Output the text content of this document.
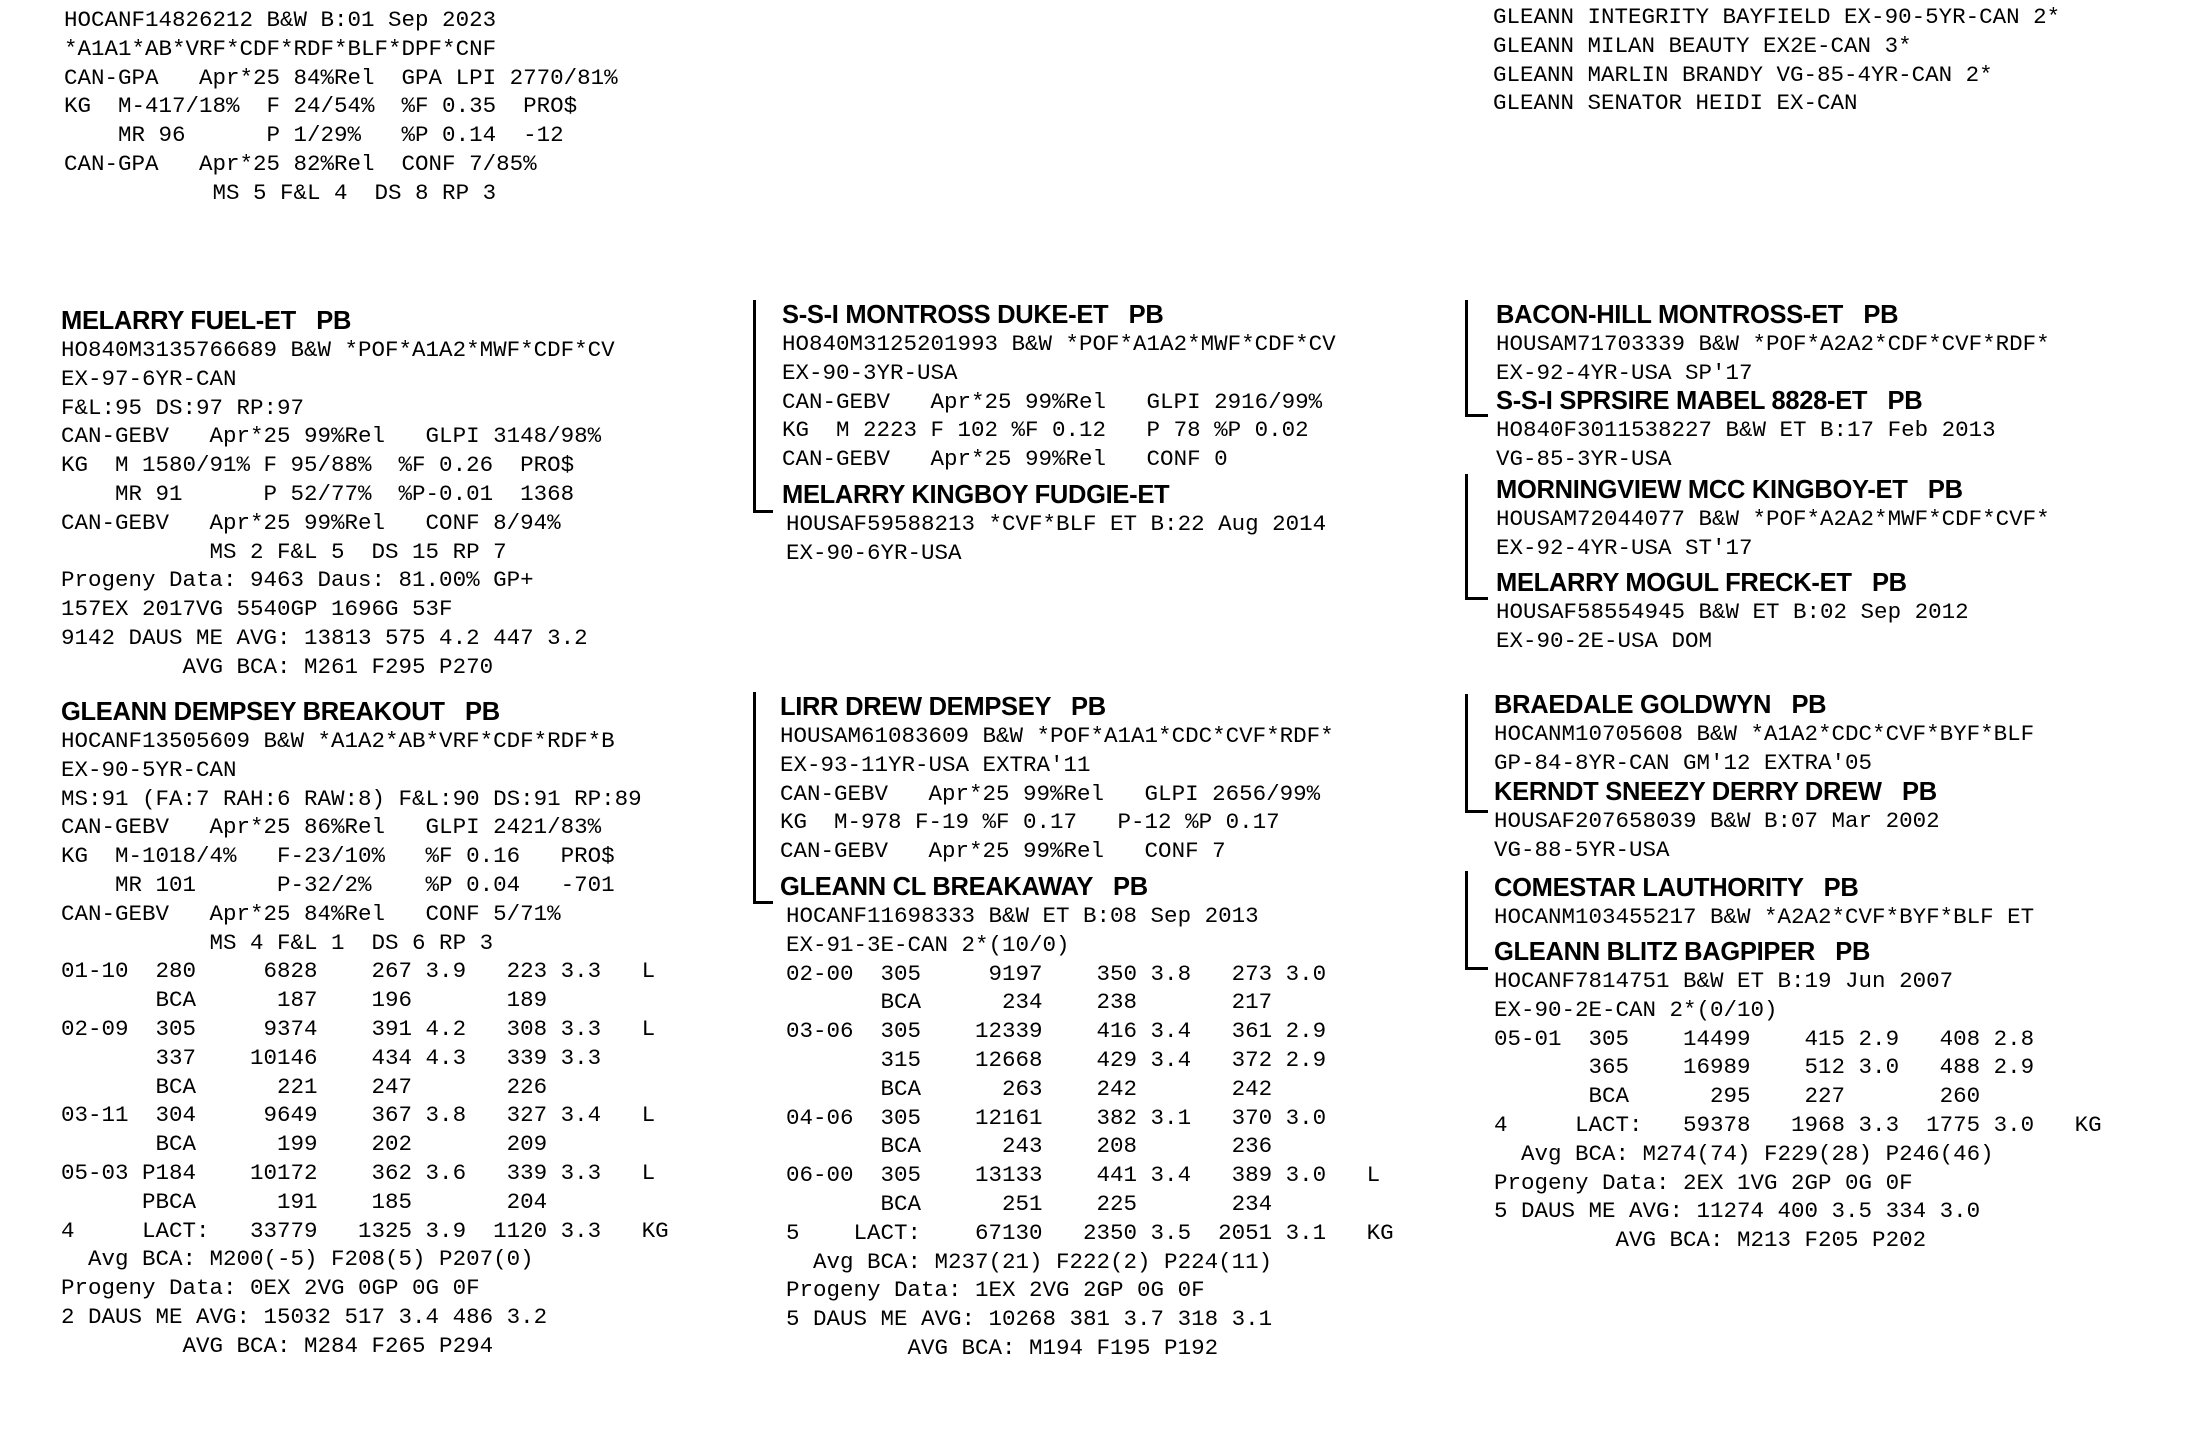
HOCANF14826212 B&W B:01 Sep 2023
*A1A1*AB*VRF*CDF*RDF*BLF*DPF*CNF
CAN-GPA   Apr*25 84%Rel  GPA LPI 2770/81%
KG  M-417/18%  F 24/54%  %F 0.35  PRO$
MR 96      P 1/29%   %P 0.14  -12
CAN-GPA   Apr*25 82%Rel  CONF 7/85%
MS 5 F&L 4  DS 8 RP 3
GLEANN INTEGRITY BAYFIELD EX-90-5YR-CAN 2*
GLEANN MILAN BEAUTY EX2E-CAN 3*
GLEANN MARLIN BRANDY VG-85-4YR-CAN 2*
GLEANN SENATOR HEIDI EX-CAN
MELARRY FUEL-ET   PB
HO840M3135766689 B&W *POF*A1A2*MWF*CDF*CV
EX-97-6YR-CAN
F&L:95 DS:97 RP:97
CAN-GEBV   Apr*25 99%Rel   GLPI 3148/98%
KG  M 1580/91% F 95/88%  %F 0.26  PRO$
MR 91      P 52/77%  %P-0.01  1368
CAN-GEBV   Apr*25 99%Rel   CONF 8/94%
MS 2 F&L 5  DS 15 RP 7
Progeny Data: 9463 Daus: 81.00% GP+
157EX 2017VG 5540GP 1696G 53F
9142 DAUS ME AVG: 13813 575 4.2 447 3.2
AVG BCA: M261 F295 P270
GLEANN DEMPSEY BREAKOUT   PB
HOCANF13505609 B&W *A1A2*AB*VRF*CDF*RDF*B
EX-90-5YR-CAN
MS:91 (FA:7 RAH:6 RAW:8) F&L:90 DS:91 RP:89
CAN-GEBV   Apr*25 86%Rel   GLPI 2421/83%
KG  M-1018/4%   F-23/10%   %F 0.16   PRO$
MR 101      P-32/2%    %P 0.04   -701
CAN-GEBV   Apr*25 84%Rel   CONF 5/71%
MS 4 F&L 1  DS 6 RP 3
01-10  280     6828    267 3.9   223 3.3   L
BCA      187    196       189
02-09  305     9374    391 4.2   308 3.3   L
337    10146    434 4.3   339 3.3
BCA      221    247       226
03-11  304     9649    367 3.8   327 3.4   L
BCA      199    202       209
05-03 P184    10172    362 3.6   339 3.3   L
PBCA      191    185       204
4     LACT:   33779   1325 3.9  1120 3.3   KG
Avg BCA: M200(-5) F208(5) P207(0)
Progeny Data: 0EX 2VG 0GP 0G 0F
2 DAUS ME AVG: 15032 517 3.4 486 3.2
AVG BCA: M284 F265 P294
S-S-I MONTROSS DUKE-ET   PB
HO840M3125201993 B&W *POF*A1A2*MWF*CDF*CV
EX-90-3YR-USA
CAN-GEBV   Apr*25 99%Rel   GLPI 2916/99%
KG  M 2223 F 102 %F 0.12   P 78 %P 0.02
CAN-GEBV   Apr*25 99%Rel   CONF 0
MELARRY KINGBOY FUDGIE-ET
HOUSAF59588213 *CVF*BLF ET B:22 Aug 2014
EX-90-6YR-USA
LIRR DREW DEMPSEY   PB
HOUSAM61083609 B&W *POF*A1A1*CDC*CVF*RDF*
EX-93-11YR-USA EXTRA'11
CAN-GEBV   Apr*25 99%Rel   GLPI 2656/99%
KG  M-978 F-19 %F 0.17   P-12 %P 0.17
CAN-GEBV   Apr*25 99%Rel   CONF 7
GLEANN CL BREAKAWAY   PB
HOCANF11698333 B&W ET B:08 Sep 2013
EX-91-3E-CAN 2*(10/0)
02-00  305     9197    350 3.8   273 3.0
BCA      234    238       217
03-06  305    12339    416 3.4   361 2.9
315    12668    429 3.4   372 2.9
BCA      263    242       242
04-06  305    12161    382 3.1   370 3.0
BCA      243    208       236
06-00  305    13133    441 3.4   389 3.0   L
BCA      251    225       234
5    LACT:    67130   2350 3.5  2051 3.1   KG
Avg BCA: M237(21) F222(2) P224(11)
Progeny Data: 1EX 2VG 2GP 0G 0F
5 DAUS ME AVG: 10268 381 3.7 318 3.1
AVG BCA: M194 F195 P192
BACON-HILL MONTROSS-ET   PB
HOUSAM71703339 B&W *POF*A2A2*CDF*CVF*RDF*
EX-92-4YR-USA SP'17
S-S-I SPRSIRE MABEL 8828-ET   PB
HO840F3011538227 B&W ET B:17 Feb 2013
VG-85-3YR-USA
MORNINGVIEW MCC KINGBOY-ET   PB
HOUSAM72044077 B&W *POF*A2A2*MWF*CDF*CVF*
EX-92-4YR-USA ST'17
MELARRY MOGUL FRECK-ET   PB
HOUSAF58554945 B&W ET B:02 Sep 2012
EX-90-2E-USA DOM
BRAEDALE GOLDWYN   PB
HOCANM10705608 B&W *A1A2*CDC*CVF*BYF*BLF
GP-84-8YR-CAN GM'12 EXTRA'05
KERNDT SNEEZY DERRY DREW   PB
HOUSAF207658039 B&W B:07 Mar 2002
VG-88-5YR-USA
COMESTAR LAUTHORITY   PB
HOCANM103455217 B&W *A2A2*CVF*BYF*BLF ET
GLEANN BLITZ BAGPIPER   PB
HOCANF7814751 B&W ET B:19 Jun 2007
EX-90-2E-CAN 2*(0/10)
05-01  305    14499    415 2.9   408 2.8
365    16989    512 3.0   488 2.9
BCA      295    227       260
4     LACT:   59378   1968 3.3  1775 3.0   KG
Avg BCA: M274(74) F229(28) P246(46)
Progeny Data: 2EX 1VG 2GP 0G 0F
5 DAUS ME AVG: 11274 400 3.5 334 3.0
AVG BCA: M213 F205 P202
